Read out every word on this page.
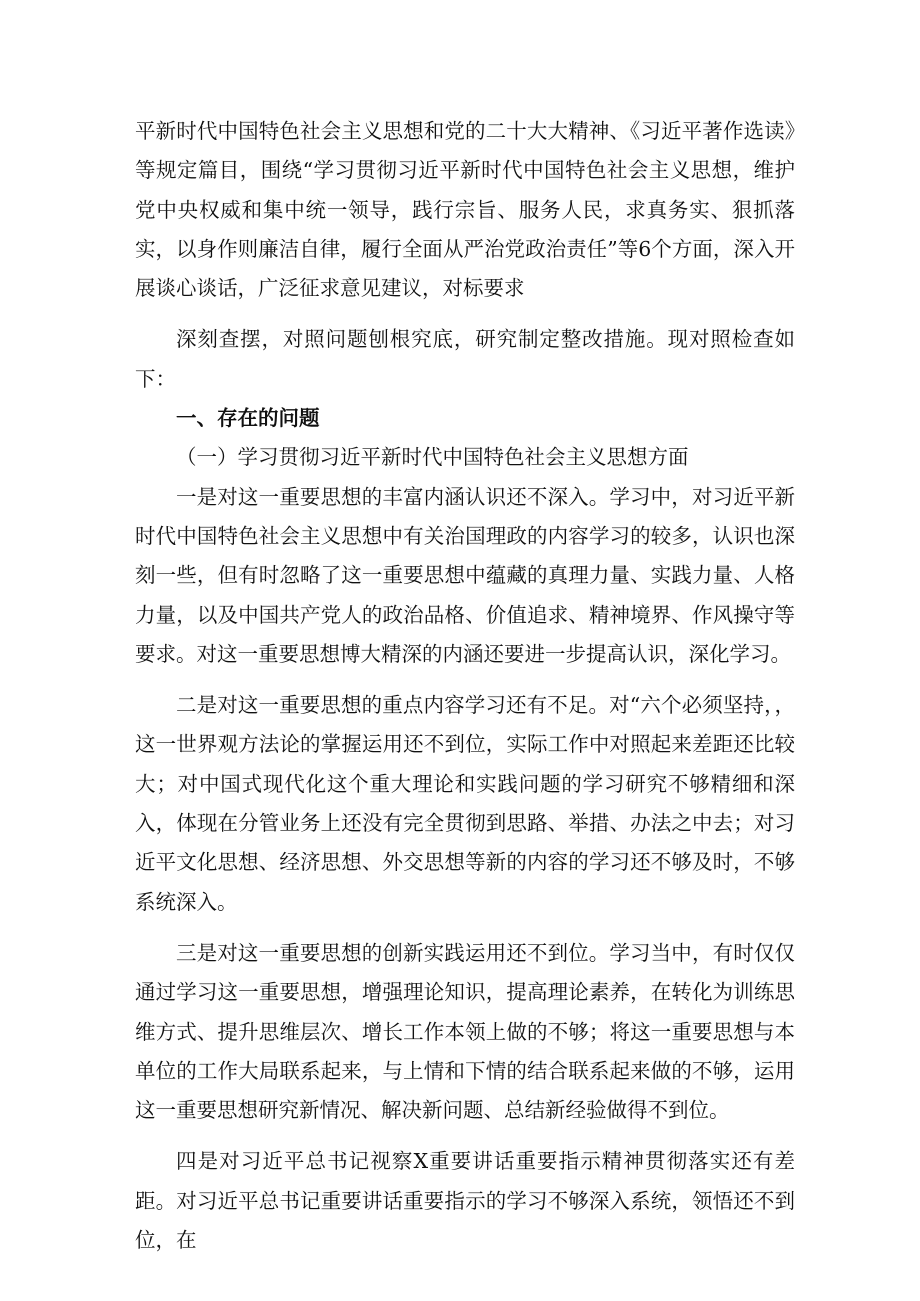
平新时代中国特色社会主义思想和党的二十大大精神、《习近平著作选读》等规定篇目，围绕“学习贯彻习近平新时代中国特色社会主义思想，维护党中央权威和集中统一领导，践行宗旨、服务人民，求真务实、狠抓落实，以身作则廉洁自律，履行全面从严治党政治责任”等6个方面，深入开展谈心谈话，广泛征求意见建议，对标要求

深刻查摆，对照问题刨根究底，研究制定整改措施。现对照检查如下：

一、存在的问题

（一）学习贯彻习近平新时代中国特色社会主义思想方面

一是对这一重要思想的丰富内涵认识还不深入。学习中，对习近平新时代中国特色社会主义思想中有关治国理政的内容学习的较多，认识也深刻一些，但有时忽略了这一重要思想中蕴藏的真理力量、实践力量、人格力量，以及中国共产党人的政治品格、价值追求、精神境界、作风操守等要求。对这一重要思想博大精深的内涵还要进一步提高认识，深化学习。

二是对这一重要思想的重点内容学习还有不足。对“六个必须坚持，，这一世界观方法论的掌握运用还不到位，实际工作中对照起来差距还比较大；对中国式现代化这个重大理论和实践问题的学习研究不够精细和深入，体现在分管业务上还没有完全贯彻到思路、举措、办法之中去；对习近平文化思想、经济思想、外交思想等新的内容的学习还不够及时，不够系统深入。

三是对这一重要思想的创新实践运用还不到位。学习当中，有时仅仅通过学习这一重要思想，增强理论知识，提高理论素养，在转化为训练思维方式、提升思维层次、增长工作本领上做的不够；将这一重要思想与本单位的工作大局联系起来，与上情和下情的结合联系起来做的不够，运用这一重要思想研究新情况、解决新问题、总结新经验做得不到位。

四是对习近平总书记视察X重要讲话重要指示精神贯彻落实还有差距。对习近平总书记重要讲话重要指示的学习不够深入系统，领悟还不到位，在
